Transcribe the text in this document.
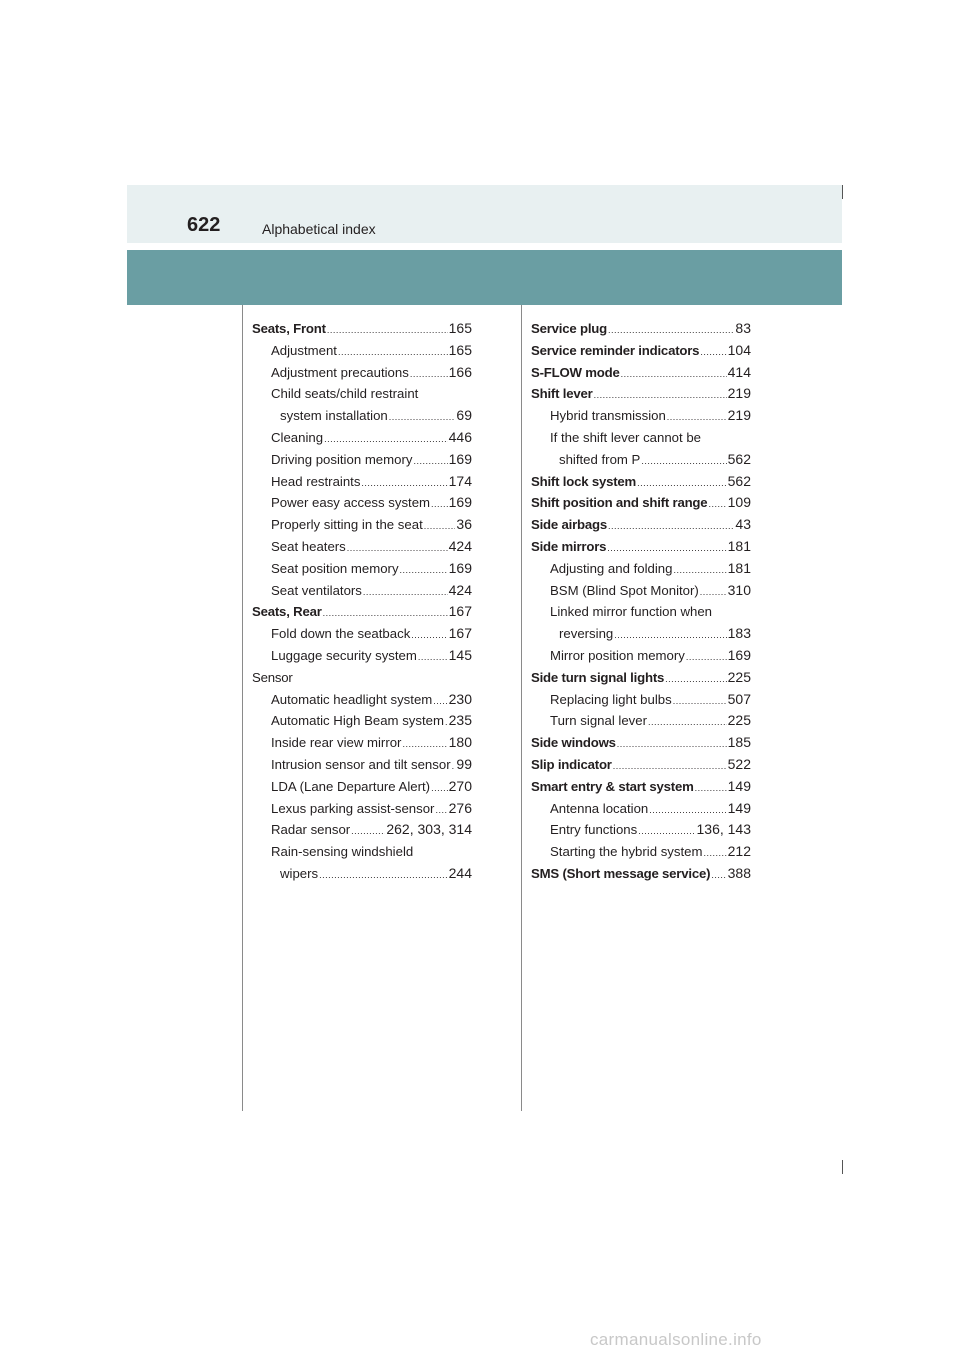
622	Alphabetical index
Seats, Front .....	165
Adjustment .....	165
Adjustment precautions .....	166
Child seats/child restraint
system installation .....	69
Cleaning .....	446
Driving position memory .....	169
Head restraints .....	174
Power easy access system ..... 169
Properly sitting in the seat ..... 36
Seat heaters .....	424
Seat position memory .....	169
Seat ventilators .....	424
Seats, Rear .....	167
Fold down the seatback .....	167
Luggage security system ..... 145
Sensor
Automatic headlight system ..... 230
Automatic High Beam system ..... 235
Inside rear view mirror .....	180
Intrusion sensor and tilt sensor ..... 99
LDA (Lane Departure Alert) ..... 270
Lexus parking assist-sensor ..... 276
Radar sensor .....	262, 303, 314
Rain-sensing windshield
wipers .....	244
Service plug .....	83
Service reminder indicators ..... 104
S-FLOW mode .....	414
Shift lever .....	219
Hybrid transmission .....	219
If the shift lever cannot be
shifted from P .....	562
Shift lock system .....	562
Shift position and shift range ..... 109
Side airbags .....	43
Side mirrors .....	181
Adjusting and folding .....	181
BSM (Blind Spot Monitor) ..... 310
Linked mirror function when
reversing .....	183
Mirror position memory .....	169
Side turn signal lights .....	225
Replacing light bulbs .....	507
Turn signal lever .....	225
Side windows .....	185
Slip indicator .....	522
Smart entry & start system ..... 149
Antenna location .....	149
Entry functions .....	136, 143
Starting the hybrid system ..... 212
SMS (Short message service) ..... 388
carmanualsonline.info
